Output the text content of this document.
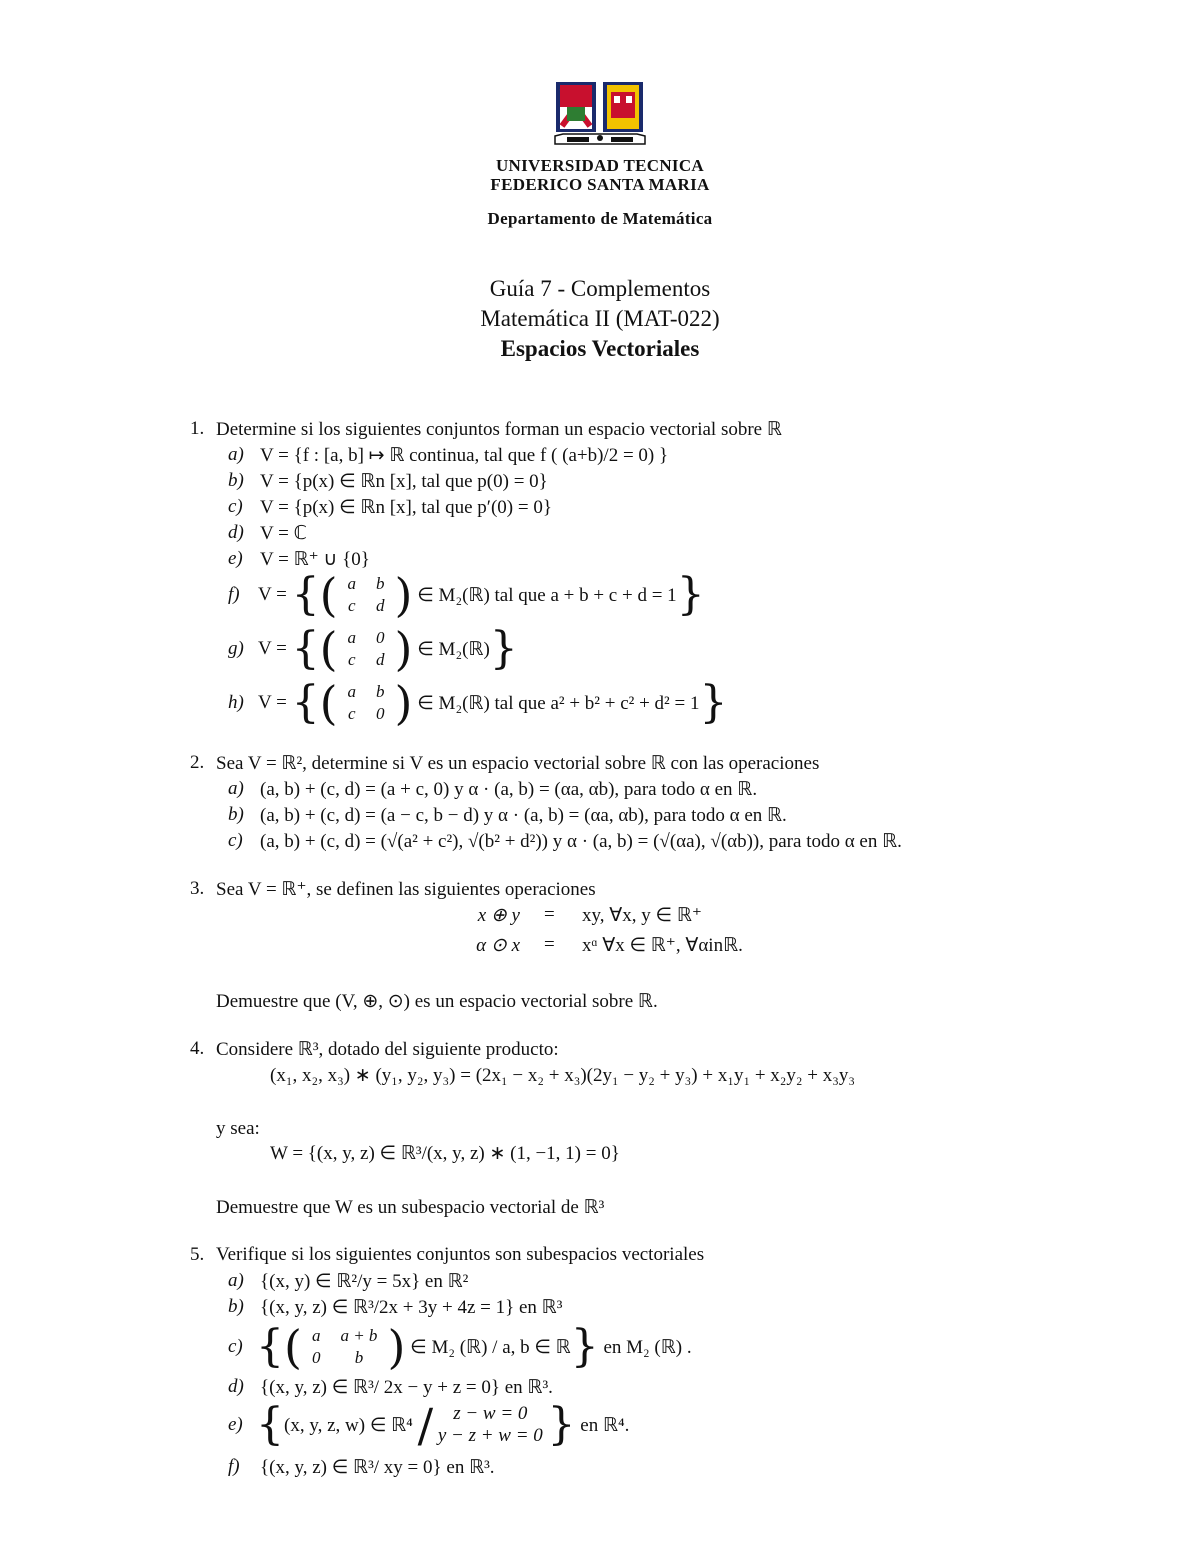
UNIVERSIDAD TECNICA
FEDERICO SANTA MARIA
Departamento de Matemática
Guía 7 - Complementos
Matemática II (MAT-022)
Espacios Vectoriales
1. Determine si los siguientes conjuntos forman un espacio vectorial sobre ℝ
a) V = {f : [a, b] ↦ ℝ continua, tal que f ( (a+b)/2 = 0) }
b) V = {p(x) ∈ ℝn [x], tal que p(0) = 0}
c) V = {p(x) ∈ ℝn [x], tal que p′(0) = 0}
d) V = ℂ
e) V = ℝ⁺ ∪ {0}
f) V =
{ ( a	b
c	d )
∈ M₂(ℝ) tal que a + b + c + d = 1 }
g) V =
{ ( a	0
c	d )
∈ M₂(ℝ) }
h) V =
{ ( a	b
c	0 )
∈ M₂(ℝ) tal que a² + b² + c² + d² = 1 }
2. Sea V = ℝ², determine si V es un espacio vectorial sobre ℝ con las operaciones
a) (a, b) + (c, d) = (a + c, 0) y α · (a, b) = (αa, αb), para todo α en ℝ.
b) (a, b) + (c, d) = (a − c, b − d) y α · (a, b) = (αa, αb), para todo α en ℝ.
c) (a, b) + (c, d) = (√(a² + c²), √(b² + d²)) y α · (a, b) = (√(αa), √(αb)), para todo α en ℝ.
3. Sea V = ℝ⁺, se definen las siguientes operaciones
x ⊕ y = xy, ∀x, y ∈ ℝ⁺
α ⊙ x = xᵅ ∀x ∈ ℝ⁺, ∀αinℝ.
Demuestre que (V, ⊕, ⊙) es un espacio vectorial sobre ℝ.
4. Considere ℝ³, dotado del siguiente producto:
(x₁, x₂, x₃) ∗ (y₁, y₂, y₃) = (2x₁ − x₂ + x₃)(2y₁ − y₂ + y₃) + x₁y₁ + x₂y₂ + x₃y₃
y sea:
W = {(x, y, z) ∈ ℝ³/(x, y, z) ∗ (1, −1, 1) = 0}
Demuestre que W es un subespacio vectorial de ℝ³
5. Verifique si los siguientes conjuntos son subespacios vectoriales
a) {(x, y) ∈ ℝ²/y = 5x} en ℝ²
b) {(x, y, z) ∈ ℝ³/2x + 3y + 4z = 1} en ℝ³
c) { ( a	a + b
0	b )
∈ M₂ (ℝ) / a, b ∈ ℝ }
en M₂ (ℝ) .
d) {(x, y, z) ∈ ℝ³/ 2x − y + z = 0} en ℝ³.
e) { (x, y, z, w) ∈ ℝ⁴
/
	z − w = 0
y − z + w = 0
}
en ℝ⁴.
f) {(x, y, z) ∈ ℝ³/ xy = 0} en ℝ³.
